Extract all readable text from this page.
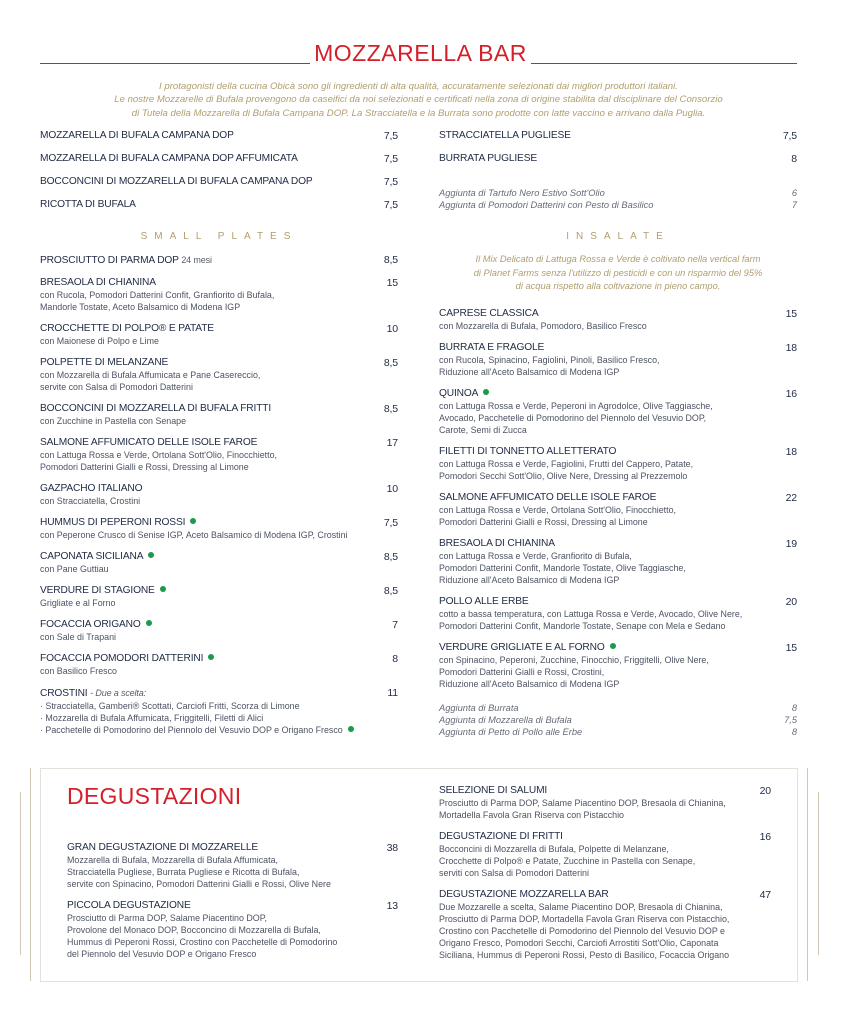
MOZZARELLA BAR
I protagonisti della cucina Obicà sono gli ingredienti di alta qualità, accuratamente selezionati dai migliori produttori italiani.
Le nostre Mozzarelle di Bufala provengono da caseifici da noi selezionati e certificati nella zona di origine stabilita dal disciplinare del Consorzio
di Tutela della Mozzarella di Bufala Campana DOP. La Stracciatella e la Burrata sono prodotte con latte vaccino e arrivano dalla Puglia.
MOZZARELLA DI BUFALA CAMPANA DOP	7,5
MOZZARELLA DI BUFALA CAMPANA DOP AFFUMICATA	7,5
BOCCONCINI DI MOZZARELLA DI BUFALA CAMPANA DOP	7,5
RICOTTA DI BUFALA	7,5
STRACCIATELLA PUGLIESE	7,5
BURRATA PUGLIESE	8
Aggiunta di Tartufo Nero Estivo Sott'Olio	6
Aggiunta di Pomodori Datterini con Pesto di Basilico	7
SMALL PLATES
PROSCIUTTO DI PARMA DOP 24 mesi	8,5
BRESAOLA DI CHIANINA	15
con Rucola, Pomodori Datterini Confit, Granfiorito di Bufala,
Mandorle Tostate, Aceto Balsamico di Modena IGP
CROCCHETTE DI POLPO® E PATATE	10
con Maionese di Polpo e Lime
POLPETTE DI MELANZANE	8,5
con Mozzarella di Bufala Affumicata e Pane Casereccio,
servite con Salsa di Pomodori Datterini
BOCCONCINI DI MOZZARELLA DI BUFALA FRITTI	8,5
con Zucchine in Pastella con Senape
SALMONE AFFUMICATO DELLE ISOLE FAROE	17
con Lattuga Rossa e Verde, Ortolana Sott'Olio, Finocchietto,
Pomodori Datterini Gialli e Rossi, Dressing al Limone
GAZPACHO ITALIANO	10
con Stracciatella, Crostini
HUMMUS DI PEPERONI ROSSI	7,5
con Peperone Crusco di Senise IGP, Aceto Balsamico di Modena IGP, Crostini
CAPONATA SICILIANA	8,5
con Pane Guttiau
VERDURE DI STAGIONE	8,5
Grigliate e al Forno
FOCACCIA ORIGANO	7
con Sale di Trapani
FOCACCIA POMODORI DATTERINI	8
con Basilico Fresco
CROSTINI - Due a scelta:	11
· Stracciatella, Gamberi® Scottati, Carciofi Fritti, Scorza di Limone
· Mozzarella di Bufala Affumicata, Friggitelli, Filetti di Alici
· Pacchetelle di Pomodorino del Piennolo del Vesuvio DOP e Origano Fresco
INSALATE
Il Mix Delicato di Lattuga Rossa e Verde è coltivato nella vertical farm
di Planet Farms senza l'utilizzo di pesticidi e con un risparmio del 95%
di acqua rispetto alla coltivazione in pieno campo.
CAPRESE CLASSICA	15
con Mozzarella di Bufala, Pomodoro, Basilico Fresco
BURRATA E FRAGOLE	18
con Rucola, Spinacino, Fagiolini, Pinoli, Basilico Fresco,
Riduzione all'Aceto Balsamico di Modena IGP
QUINOA	16
con Lattuga Rossa e Verde, Peperoni in Agrodolce, Olive Taggiasche,
Avocado, Pacchetelle di Pomodorino del Piennolo del Vesuvio DOP,
Carote, Semi di Zucca
FILETTI DI TONNETTO ALLETTERATO	18
con Lattuga Rossa e Verde, Fagiolini, Frutti del Cappero, Patate,
Pomodori Secchi Sott'Olio, Olive Nere, Dressing al Prezzemolo
SALMONE AFFUMICATO DELLE ISOLE FAROE	22
con Lattuga Rossa e Verde, Ortolana Sott'Olio, Finocchietto,
Pomodori Datterini Gialli e Rossi, Dressing al Limone
BRESAOLA DI CHIANINA	19
con Lattuga Rossa e Verde, Granfiorito di Bufala,
Pomodori Datterini Confit, Mandorle Tostate, Olive Taggiasche,
Riduzione all'Aceto Balsamico di Modena IGP
POLLO ALLE ERBE	20
cotto a bassa temperatura, con Lattuga Rossa e Verde, Avocado, Olive Nere,
Pomodori Datterini Confit, Mandorle Tostate, Senape con Mela e Sedano
VERDURE GRIGLIATE E AL FORNO	15
con Spinacino, Peperoni, Zucchine, Finocchio, Friggitelli, Olive Nere,
Pomodori Datterini Gialli e Rossi, Crostini,
Riduzione all'Aceto Balsamico di Modena IGP
Aggiunta di Burrata	8
Aggiunta di Mozzarella di Bufala	7,5
Aggiunta di Petto di Pollo alle Erbe	8
DEGUSTAZIONI
GRAN DEGUSTAZIONE DI MOZZARELLE	38
Mozzarella di Bufala, Mozzarella di Bufala Affumicata,
Stracciatella Pugliese, Burrata Pugliese e Ricotta di Bufala,
servite con Spinacino, Pomodori Datterini Gialli e Rossi, Olive Nere
PICCOLA DEGUSTAZIONE	13
Prosciutto di Parma DOP, Salame Piacentino DOP,
Provolone del Monaco DOP, Bocconcino di Mozzarella di Bufala,
Hummus di Peperoni Rossi, Crostino con Pacchetelle di Pomodorino
del Piennolo del Vesuvio DOP e Origano Fresco
SELEZIONE DI SALUMI	20
Prosciutto di Parma DOP, Salame Piacentino DOP, Bresaola di Chianina,
Mortadella Favola Gran Riserva con Pistacchio
DEGUSTAZIONE DI FRITTI	16
Bocconcini di Mozzarella di Bufala, Polpette di Melanzane,
Crocchette di Polpo® e Patate, Zucchine in Pastella con Senape,
serviti con Salsa di Pomodori Datterini
DEGUSTAZIONE MOZZARELLA BAR	47
Due Mozzarelle a scelta, Salame Piacentino DOP, Bresaola di Chianina,
Prosciutto di Parma DOP, Mortadella Favola Gran Riserva con Pistacchio,
Crostino con Pacchetelle di Pomodorino del Piennolo del Vesuvio DOP e
Origano Fresco, Pomodori Secchi, Carciofi Arrostiti Sott'Olio, Caponata
Siciliana, Hummus di Peperoni Rossi, Pesto di Basilico, Focaccia Origano
